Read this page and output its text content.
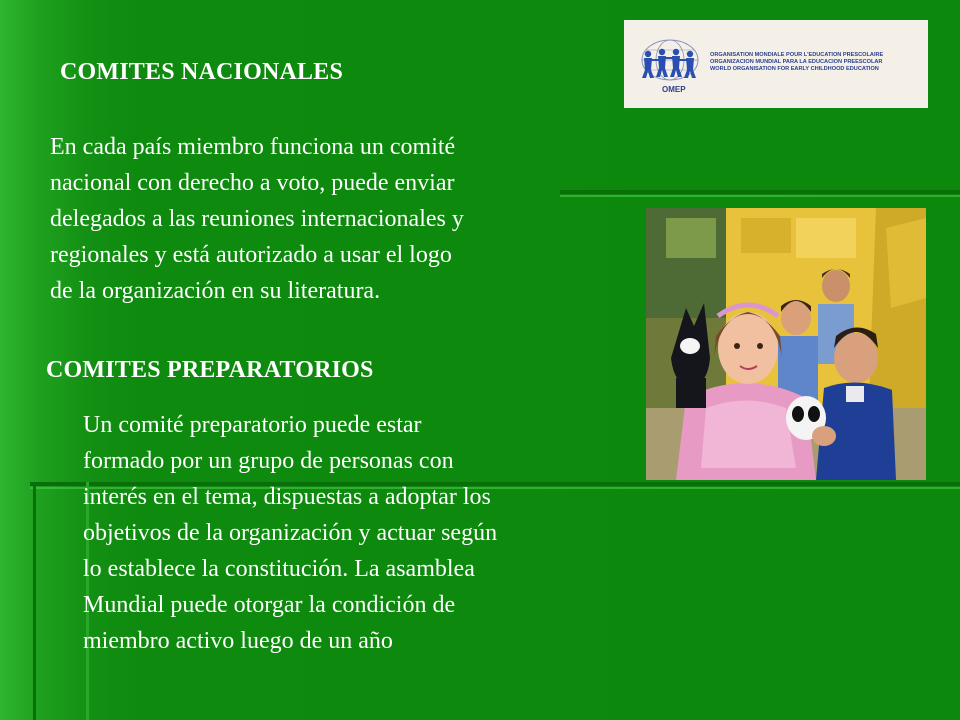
COMITES NACIONALES
En cada país miembro funciona un comité
nacional con derecho a voto, puede enviar
delegados a las reuniones internacionales y
regionales y está autorizado a usar el logo
de la organización en su literatura.
COMITES PREPARATORIOS
Un comité preparatorio puede estar
formado por un grupo de personas con
interés en el tema, dispuestas a adoptar los
objetivos de la organización y actuar según
lo establece la constitución. La asamblea
Mundial puede otorgar la condición de
miembro activo luego de un año
OMEP
ORGANISATION MONDIALE POUR L'EDUCATION PRESCOLAIRE
ORGANIZACION MUNDIAL PARA LA EDUCACION PREESCOLAR
WORLD ORGANISATION FOR EARLY CHILDHOOD EDUCATION
